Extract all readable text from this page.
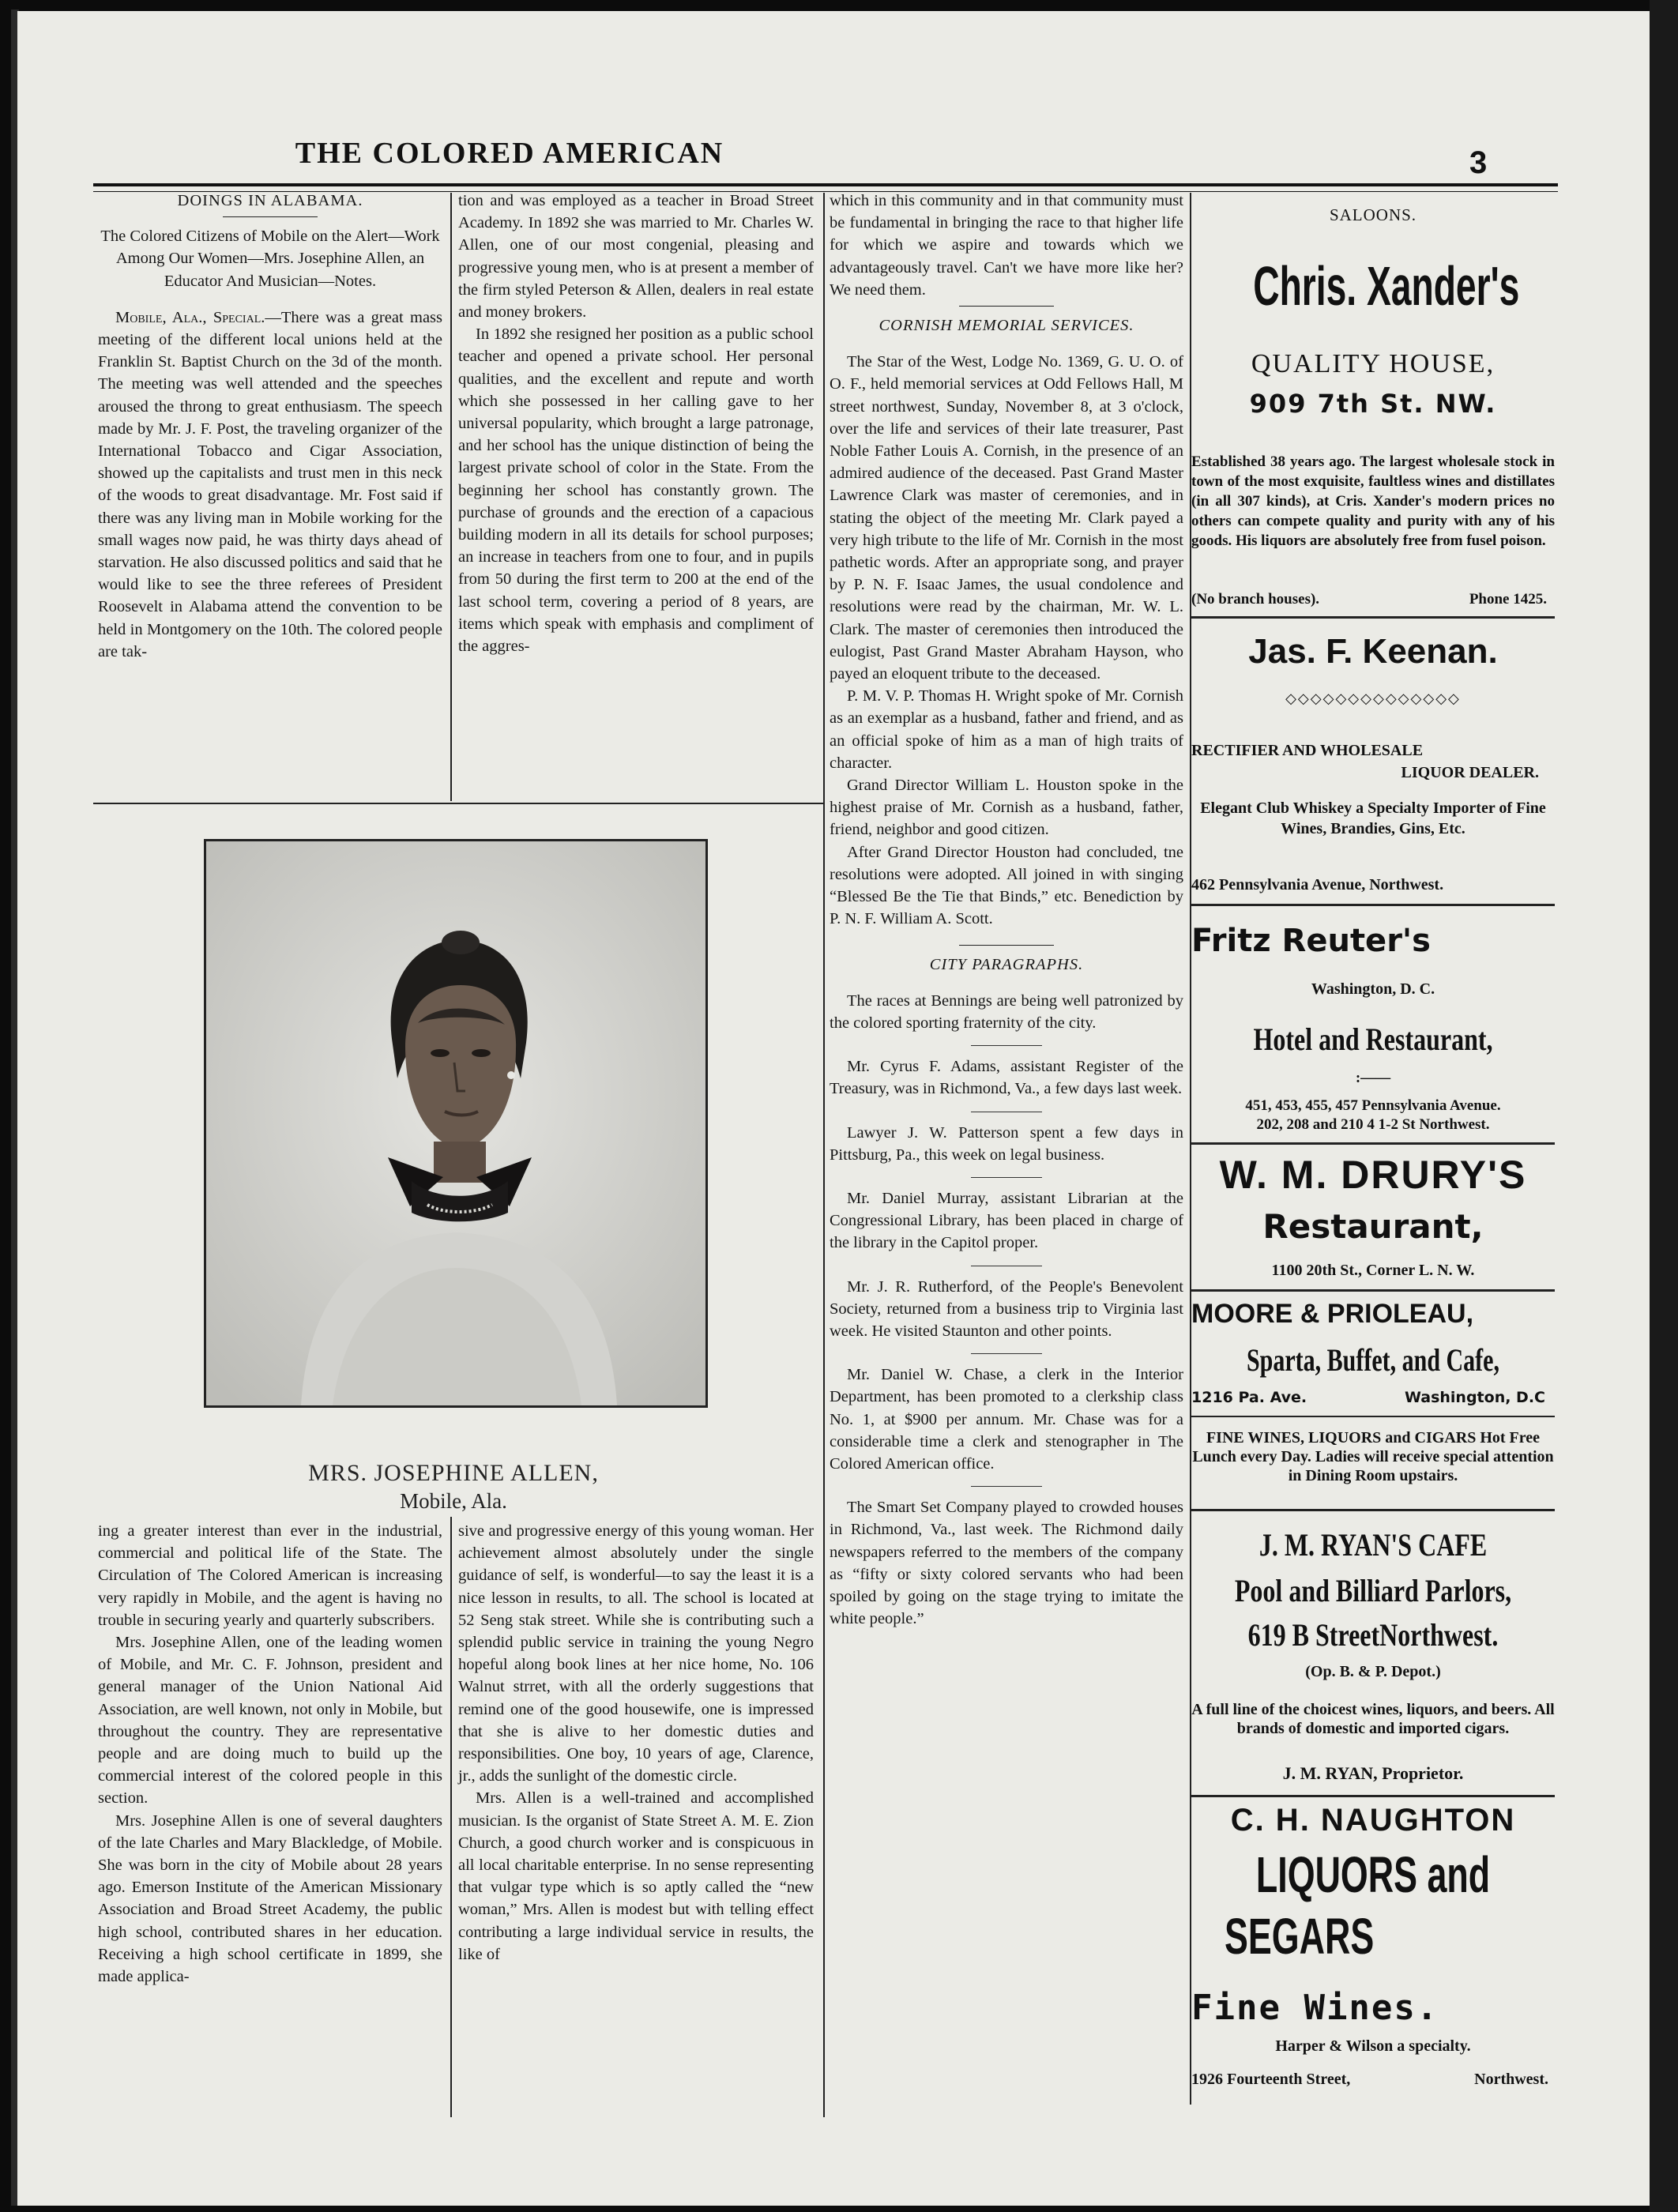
THE COLORED AMERICAN	3
DOINGS IN ALABAMA.
The Colored Citizens of Mobile on the Alert—Work Among Our Women—Mrs. Josephine Allen, an Educator And Musician—Notes.

Mobile, Ala., Special.—There was a great mass meeting of the different local unions held at the Franklin St. Baptist Church on the 3d of the month. The meeting was well attended and the speeches aroused the throng to great enthusiasm. The speech made by Mr. J. F. Post, the traveling organizer of the International Tobacco and Cigar Association, showed up the capitalists and trust men in this neck of the woods to great disadvantage. Mr. Fost said if there was any living man in Mobile working for the small wages now paid, he was thirty days ahead of starvation. He also discussed politics and said that he would like to see the three referees of President Roosevelt in Alabama attend the convention to be held in Montgomery on the 10th. The colored people are tak-

tion and was employed as a teacher in Broad Street Academy. In 1892 she was married to Mr. Charles W. Allen, one of our most congenial, pleasing and progressive young men, who is at present a member of the firm styled Peterson & Allen, dealers in real estate and money brokers.

In 1892 she resigned her position as a public school teacher and opened a private school. Her personal qualities, and the excellent and repute and worth which she possessed in her calling gave to her universal popularity, which brought a large patronage, and her school has the unique distinction of being the largest private school of color in the State. From the beginning her school has constantly grown. The purchase of grounds and the erection of a capacious building modern in all its details for school purposes; an increase in teachers from one to four, and in pupils from 50 during the first term to 200 at the end of the last school term, covering a period of 8 years, are items which speak with emphasis and compliment of the aggres-

MRS. JOSEPHINE ALLEN,
Mobile, Ala.

ing a greater interest than ever in the industrial, commercial and political life of the State. The Circulation of The Colored American is increasing very rapidly in Mobile, and the agent is having no trouble in securing yearly and quarterly subscribers.

Mrs. Josephine Allen, one of the leading women of Mobile, and Mr. C. F. Johnson, president and general manager of the Union National Aid Association, are well known, not only in Mobile, but throughout the country. They are representative people and are doing much to build up the commercial interest of the colored people in this section.

Mrs. Josephine Allen is one of several daughters of the late Charles and Mary Blackledge, of Mobile. She was born in the city of Mobile about 28 years ago. Emerson Institute of the American Missionary Association and Broad Street Academy, the public high school, contributed shares in her education. Receiving a high school certificate in 1899, she made applica-

sive and progressive energy of this young woman. Her achievement almost absolutely under the single guidance of self, is wonderful—to say the least it is a nice lesson in results, to all. The school is located at 52 Seng stak street. While she is contributing such a splendid public service in training the young Negro hopeful along book lines at her nice home, No. 106 Walnut strret, with all the orderly suggestions that remind one of the good housewife, one is impressed that she is alive to her domestic duties and responsibilities. One boy, 10 years of age, Clarence, jr., adds the sunlight of the domestic circle.

Mrs. Allen is a well-trained and accomplished musician. Is the organist of State Street A. M. E. Zion Church, a good church worker and is conspicuous in all local charitable enterprise. In no sense representing that vulgar type which is so aptly called the “new woman,” Mrs. Allen is modest but with telling effect contributing a large individual service in results, the like of

which in this community and in that community must be fundamental in bringing the race to that higher life for which we aspire and towards which we advantageously travel. Can't we have more like her? We need them.

CORNISH MEMORIAL SERVICES.

The Star of the West, Lodge No. 1369, G. U. O. of O. F., held memorial services at Odd Fellows Hall, M street northwest, Sunday, November 8, at 3 o'clock, over the life and services of their late treasurer, Past Noble Father Louis A. Cornish, in the presence of an admired audience of the deceased. Past Grand Master Lawrence Clark was master of ceremonies, and in stating the object of the meeting Mr. Clark payed a very high tribute to the life of Mr. Cornish in the most pathetic words. After an appropriate song, and prayer by P. N. F. Isaac James, the usual condolence and resolutions were read by the chairman, Mr. W. L. Clark. The master of ceremonies then introduced the eulogist, Past Grand Master Abraham Hayson, who payed an eloquent tribute to the deceased.

P. M. V. P. Thomas H. Wright spoke of Mr. Cornish as an exemplar as a husband, father and friend, and as an official spoke of him as a man of high traits of character.

Grand Director William L. Houston spoke in the highest praise of Mr. Cornish as a husband, father, friend, neighbor and good citizen.

After Grand Director Houston had concluded, tne resolutions were adopted. All joined in with singing “Blessed Be the Tie that Binds,” etc. Benediction by P. N. F. William A. Scott.

CITY PARAGRAPHS.

The races at Bennings are being well patronized by the colored sporting fraternity of the city.

Mr. Cyrus F. Adams, assistant Register of the Treasury, was in Richmond, Va., a few days last week.

Lawyer J. W. Patterson spent a few days in Pittsburg, Pa., this week on legal business.

Mr. Daniel Murray, assistant Librarian at the Congressional Library, has been placed in charge of the library in the Capitol proper.

Mr. J. R. Rutherford, of the People's Benevolent Society, returned from a business trip to Virginia last week. He visited Staunton and other points.

Mr. Daniel W. Chase, a clerk in the Interior Department, has been promoted to a clerkship class No. 1, at $900 per annum. Mr. Chase was for a considerable time a clerk and stenographer in The Colored American office.

The Smart Set Company played to crowded houses in Richmond, Va., last week. The Richmond daily newspapers referred to the members of the company as “fifty or sixty colored servants who had been spoiled by going on the stage trying to imitate the white people.”

SALOONS.
Chris. Xander's
QUALITY HOUSE,
909 7th St. NW.
Established 38 years ago. The largest wholesale stock in town of the most exquisite, faultless wines and distillates (in all 307 kinds), at Cris. Xander's modern prices no others can compete quality and purity with any of his goods. His liquors are absolutely free from fusel poison.
(No branch houses).	Phone 1425.
Jas. F. Keenan.
◇◇◇◇◇◇◇◇◇◇◇◇◇◇
RECTIFIER AND WHOLESALE
LIQUOR DEALER.
Elegant Club Whiskey a Specialty Importer of Fine Wines, Brandies, Gins, Etc.
462 Pennsylvania Avenue, Northwest.
Fritz Reuter's
Washington, D. C.
Hotel and Restaurant,
:——
451, 453, 455, 457 Pennsylvania Avenue.
202, 208 and 210 4 1-2 St Northwest.
W. M. DRURY'S
Restaurant,
1100 20th St., Corner L. N. W.
MOORE & PRIOLEAU,
Sparta, Buffet, and Cafe,
1216 Pa. Ave.	Washington, D.C
FINE WINES, LIQUORS and CIGARS Hot Free Lunch every Day. Ladies will receive special attention in Dining Room upstairs.
J. M. RYAN'S CAFE
Pool and Billiard Parlors,
619 B StreetNorthwest.
(Op. B. & P. Depot.)
A full line of the choicest wines, liquors, and beers. All brands of domestic and imported cigars.
J. M. RYAN, Proprietor.
C. H. NAUGHTON
LIQUORS and
SEGARS
Fine Wines.
Harper & Wilson a specialty.
1926 Fourteenth Street,	Northwest.
